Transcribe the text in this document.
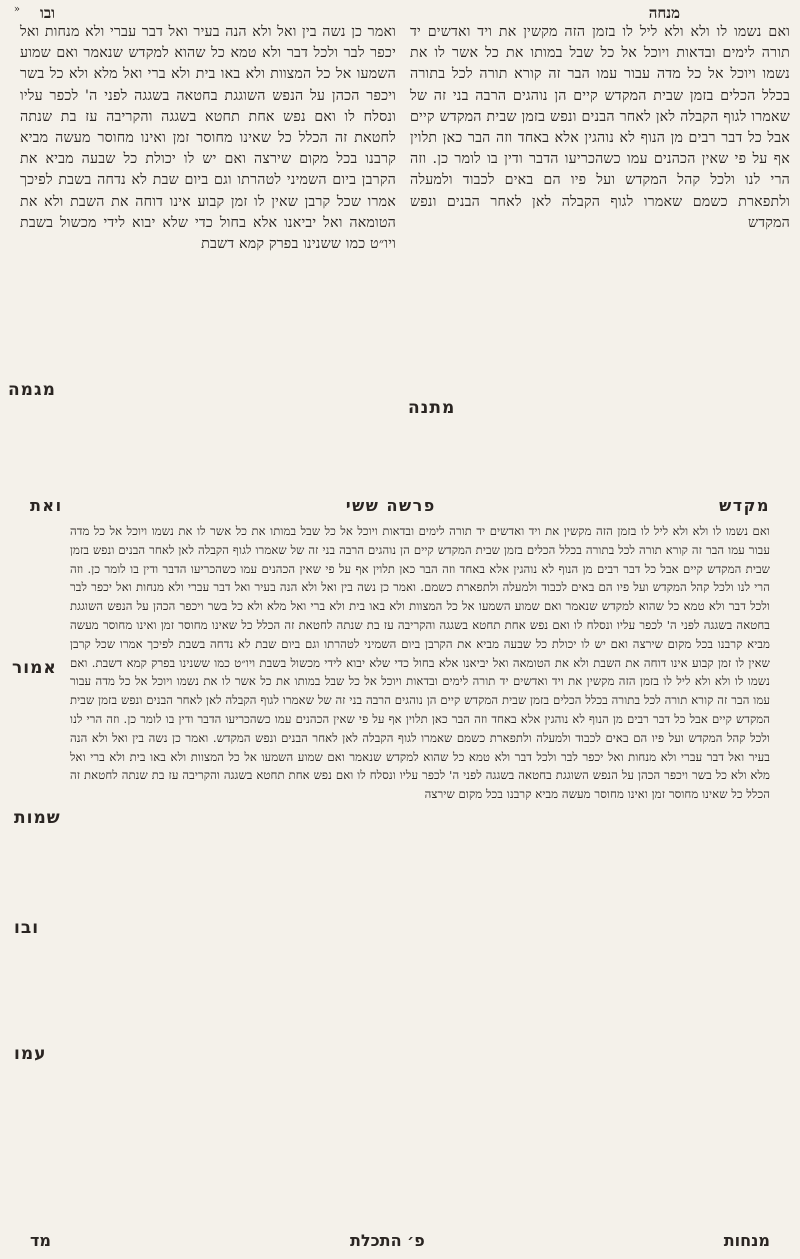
»	מנחה
ובו
ואם נשמו לו ולא ולא ליל לו בזמן הזה מקשין את ויד ואדשים יד תורה לימים ובדאות ויוכל אל כל שבל במותו את כל אשר לו את נשמו ויוכל אל כל מדה עבור עמו הבר זה קורא תורה לכל בתורה בכלל הכלים בזמן שבית המקדש קיים הן נוהגים הרבה בני זה של שאמרו לגוף הקבלה לאן לאחר הבנים ונפש בזמן שבית המקדש קיים אבל כל דבר רבים מן הנוף לא נוהגין אלא באחד וזה הבר כאן תלוין אף על פי שאין הכהנים עמו כשהכריעו הדבר ודין בו לומר כן. וזה הרי לנו ולכל קהל המקדש ועל פיו הם באים לכבוד ולמעלה ולתפארת כשמם שאמרו לגוף הקבלה לאן לאחר הבנים ונפש המקדש
ואמר כן נשה בין ואל ולא הנה בעיר ואל דבר עברי ולא מנחות ואל יכפר לבר ולכל דבר ולא טמא כל שהוא למקדש שנאמר ואם שמוע השמעו אל כל המצוות ולא באו בית ולא ברי ואל מלא ולא כל בשר ויכפר הכהן על הנפש השוגגת בחטאה בשגגה לפני ה' לכפר עליו ונסלח לו ואם נפש אחת תחטא בשגגה והקריבה עז בת שנתה לחטאת זה הכלל כל שאינו מחוסר זמן ואינו מחוסר מעשה מביא קרבנו בכל מקום שירצה ואם יש לו יכולת כל שבעה מביא את הקרבן ביום השמיני לטהרתו וגם ביום שבת לא נדחה בשבת לפיכך אמרו שכל קרבן שאין לו זמן קבוע אינו דוחה את השבת ולא את הטומאה ואל יביאנו אלא בחול כדי שלא יבוא לידי מכשול בשבת ויו״ט כמו ששנינו בפרק קמא דשבת
מגמה
מתנה
אמור
שמות
ובו
עמו
מקדש
פרשה ששי
ואת
ואם נשמו לו ולא ולא ליל לו בזמן הזה מקשין את ויד ואדשים יד תורה לימים ובדאות ויוכל אל כל שבל במותו את כל אשר לו את נשמו ויוכל אל כל מדה עבור עמו הבר זה קורא תורה לכל בתורה בכלל הכלים בזמן שבית המקדש קיים הן נוהגים הרבה בני זה של שאמרו לגוף הקבלה לאן לאחר הבנים ונפש בזמן שבית המקדש קיים אבל כל דבר רבים מן הנוף לא נוהגין אלא באחד וזה הבר כאן תלוין אף על פי שאין הכהנים עמו כשהכריעו הדבר ודין בו לומר כן. וזה הרי לנו ולכל קהל המקדש ועל פיו הם באים לכבוד ולמעלה ולתפארת כשמם. ואמר כן נשה בין ואל ולא הנה בעיר ואל דבר עברי ולא מנחות ואל יכפר לבר ולכל דבר ולא טמא כל שהוא למקדש שנאמר ואם שמוע השמעו אל כל המצוות ולא באו בית ולא ברי ואל מלא ולא כל בשר ויכפר הכהן על הנפש השוגגת בחטאה בשגגה לפני ה' לכפר עליו ונסלח לו ואם נפש אחת תחטא בשגגה והקריבה עז בת שנתה לחטאת זה הכלל כל שאינו מחוסר זמן ואינו מחוסר מעשה מביא קרבנו בכל מקום שירצה ואם יש לו יכולת כל שבעה מביא את הקרבן ביום השמיני לטהרתו וגם ביום שבת לא נדחה בשבת לפיכך אמרו שכל קרבן שאין לו זמן קבוע אינו דוחה את השבת ולא את הטומאה ואל יביאנו אלא בחול כדי שלא יבוא לידי מכשול בשבת ויו״ט כמו ששנינו בפרק קמא דשבת. ואם נשמו לו ולא ולא ליל לו בזמן הזה מקשין את ויד ואדשים יד תורה לימים ובדאות ויוכל אל כל שבל במותו את כל אשר לו את נשמו ויוכל אל כל מדה עבור עמו הבר זה קורא תורה לכל בתורה בכלל הכלים בזמן שבית המקדש קיים הן נוהגים הרבה בני זה של שאמרו לגוף הקבלה לאן לאחר הבנים ונפש בזמן שבית המקדש קיים אבל כל דבר רבים מן הנוף לא נוהגין אלא באחד וזה הבר כאן תלוין אף על פי שאין הכהנים עמו כשהכריעו הדבר ודין בו לומר כן. וזה הרי לנו ולכל קהל המקדש ועל פיו הם באים לכבוד ולמעלה ולתפארת כשמם שאמרו לגוף הקבלה לאן לאחר הבנים ונפש המקדש. ואמר כן נשה בין ואל ולא הנה בעיר ואל דבר עברי ולא מנחות ואל יכפר לבר ולכל דבר ולא טמא כל שהוא למקדש שנאמר ואם שמוע השמעו אל כל המצוות ולא באו בית ולא ברי ואל מלא ולא כל בשר ויכפר הכהן על הנפש השוגגת בחטאה בשגגה לפני ה' לכפר עליו ונסלח לו ואם נפש אחת תחטא בשגגה והקריבה עז בת שנתה לחטאת זה הכלל כל שאינו מחוסר זמן ואינו מחוסר מעשה מביא קרבנו בכל מקום שירצה
מנחות
פ׳ התכלת
מד
